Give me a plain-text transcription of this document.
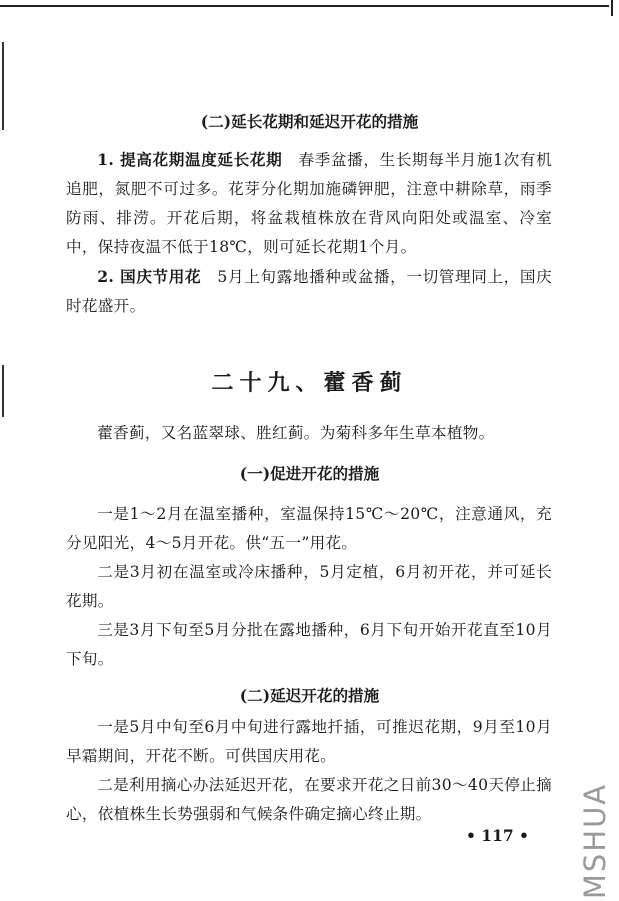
(二)延长花期和延迟开花的措施

1. 提高花期温度延长花期　春季盆播，生长期每半月施1次有机追肥，氮肥不可过多。花芽分化期加施磷钾肥，注意中耕除草，雨季防雨、排涝。开花后期，将盆栽植株放在背风向阳处或温室、冷室中，保持夜温不低于18℃，则可延长花期1个月。

2. 国庆节用花　5月上旬露地播种或盆播，一切管理同上，国庆时花盛开。

二十九、藿香蓟

藿香蓟，又名蓝翠球、胜红蓟。为菊科多年生草本植物。

(一)促进开花的措施

一是1～2月在温室播种，室温保持15℃～20℃，注意通风，充分见阳光，4～5月开花。供“五一”用花。

二是3月初在温室或冷床播种，5月定植，6月初开花，并可延长花期。

三是3月下旬至5月分批在露地播种，6月下旬开始开花直至10月下旬。

(二)延迟开花的措施

一是5月中旬至6月中旬进行露地扦插，可推迟花期，9月至10月早霜期间，开花不断。可供国庆用花。

二是利用摘心办法延迟开花，在要求开花之日前30～40天停止摘心，依植株生长势强弱和气候条件确定摘心终止期。

• 117 • MSHUA
